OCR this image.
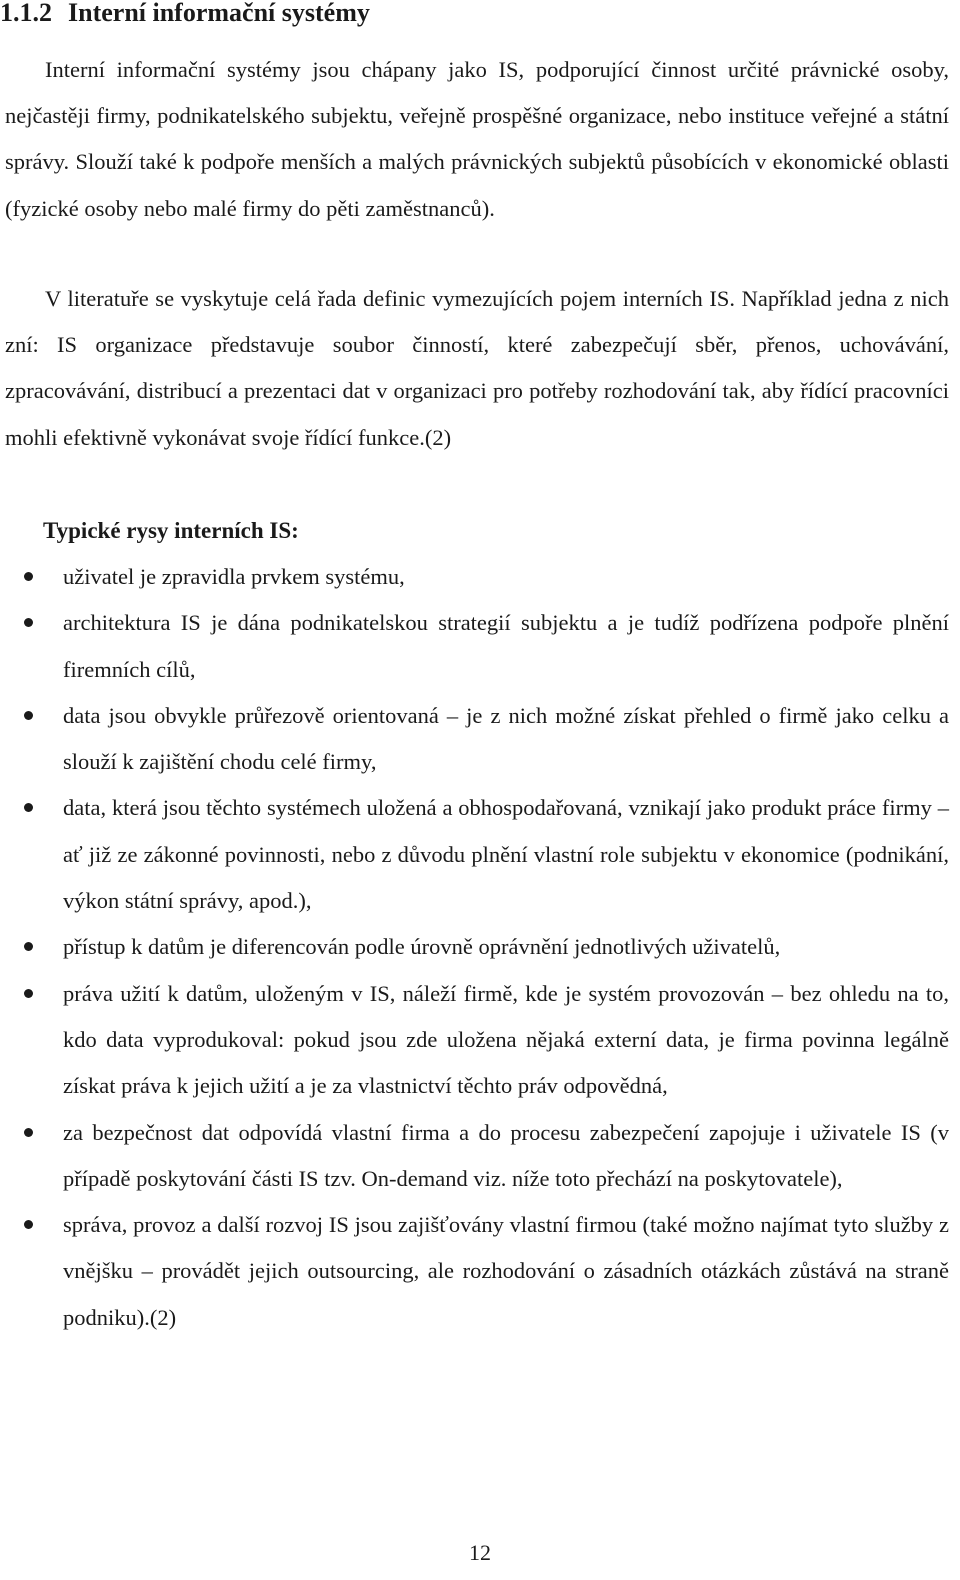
1.1.2 Interní informační systémy

Interní informační systémy jsou chápany jako IS, podporující činnost určité právnické osoby, nejčastěji firmy, podnikatelského subjektu, veřejně prospěšné organizace, nebo instituce veřejné a státní správy. Slouží také k podpoře menších a malých právnických subjektů působících v ekonomické oblasti (fyzické osoby nebo malé firmy do pěti zaměstnanců).

V literatuře se vyskytuje celá řada definic vymezujících pojem interních IS. Například jedna z nich zní: IS organizace představuje soubor činností, které zabezpečují sběr, přenos, uchovávání, zpracovávání, distribucí a prezentaci dat v organizaci pro potřeby rozhodování tak, aby řídící pracovníci mohli efektivně vykonávat svoje řídící funkce.(2)

Typické rysy interních IS:

uživatel je zpravidla prvkem systému,
architektura IS je dána podnikatelskou strategií subjektu a je tudíž podřízena podpoře plnění firemních cílů,
data jsou obvykle průřezově orientovaná – je z nich možné získat přehled o firmě jako celku a slouží k zajištění chodu celé firmy,
data, která jsou těchto systémech uložená a obhospodařovaná, vznikají jako produkt práce firmy – ať již ze zákonné povinnosti, nebo z důvodu plnění vlastní role subjektu v ekonomice (podnikání, výkon státní správy, apod.),
přístup k datům je diferencován podle úrovně oprávnění jednotlivých uživatelů,
práva užití k datům, uloženým v IS, náleží firmě, kde je systém provozován – bez ohledu na to, kdo data vyprodukoval: pokud jsou zde uložena nějaká externí data, je firma povinna legálně získat práva k jejich užití a je za vlastnictví těchto práv odpovědná,
za bezpečnost dat odpovídá vlastní firma a do procesu zabezpečení zapojuje i uživatele IS (v případě poskytování části IS tzv. On-demand viz. níže toto přechází na poskytovatele),
správa, provoz a další rozvoj IS jsou zajišťovány vlastní firmou (také možno najímat tyto služby z vnějšku – provádět jejich outsourcing, ale rozhodování o zásadních otázkách zůstává na straně podniku).(2)
12
